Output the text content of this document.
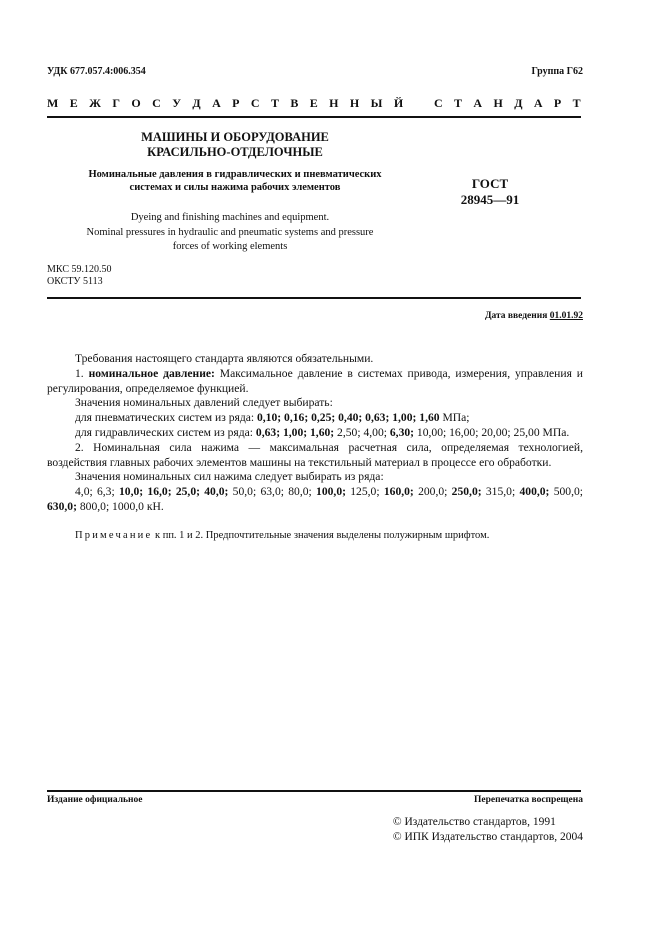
УДК 677.057.4:006.354	Группа Г62
М Е Ж Г О С У Д А Р С Т В Е Н Н Ы Й	С Т А Н Д А Р Т
МАШИНЫ И ОБОРУДОВАНИЕ
КРАСИЛЬНО-ОТДЕЛОЧНЫЕ
Номинальные давления в гидравлических и пневматических
системах и силы нажима рабочих элементов
Dyeing and finishing machines and equipment.
Nominal pressures in hydraulic and pneumatic systems and pressure
forces of working elements
ГОСТ
28945—91
МКС 59.120.50
ОКСТУ 5113
Дата введения 01.01.92

Требования настоящего стандарта являются обязательными.

1. номинальное давление: Максимальное давление в системах привода, измерения, управления и регулирования, определяемое функцией.

Значения номинальных давлений следует выбирать:

для пневматических систем из ряда: 0,10; 0,16; 0,25; 0,40; 0,63; 1,00; 1,60 МПа;

для гидравлических систем из ряда: 0,63; 1,00; 1,60; 2,50; 4,00; 6,30; 10,00; 16,00; 20,00; 25,00 МПа.

2. Номинальная сила нажима — максимальная расчетная сила, определяемая технологией, воздействия главных рабочих элементов машины на текстильный материал в процессе его обработки.

Значения номинальных сил нажима следует выбирать из ряда:

4,0; 6,3; 10,0; 16,0; 25,0; 40,0; 50,0; 63,0; 80,0; 100,0; 125,0; 160,0; 200,0; 250,0; 315,0; 400,0; 500,0; 630,0; 800,0; 1000,0 кН.

Примечание к пп. 1 и 2. Предпочтительные значения выделены полужирным шрифтом.

Издание официальное	Перепечатка воспрещена
© Издательство стандартов, 1991
© ИПК Издательство стандартов, 2004
